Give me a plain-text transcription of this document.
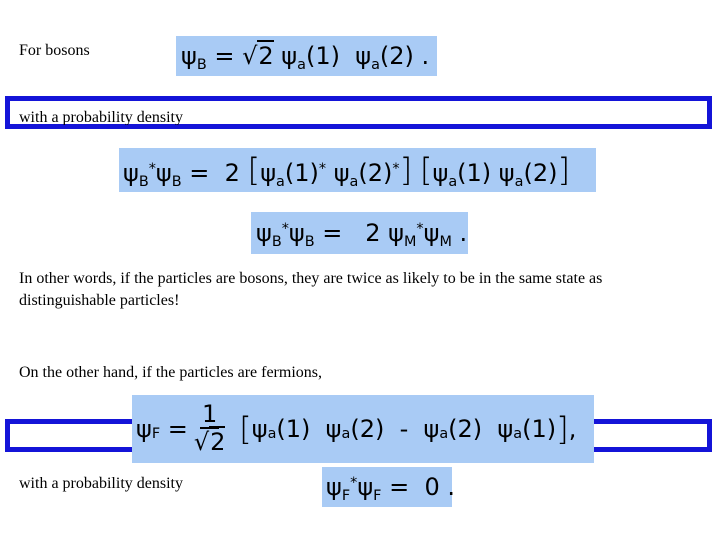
For bosons	$\psi_B = √2$ $\psi_a(1)$  $\psi_a(2)$ .
with a probability density
$\psi_B^*\psi_B = 2$ [$\psi_a(1)^*$ $\psi_a(2)^*$] [$\psi_a(1)$ $\psi_a(2)$]
$\psi_B^*\psi_B = 2$ $\psi_M^*\psi_M$ .
In other words, if the particles are bosons, they are twice as likely to be in the same state as distinguishable particles!
On the other hand, if the particles are fermions,
ψ $F = \frac{1}{√2}$
[ ψ a (1)  ψ a (2)  -  ψ a (2)  ψ a (1) ] ,
with a probability density	$\psi_F^*\psi_F = 0$ .
